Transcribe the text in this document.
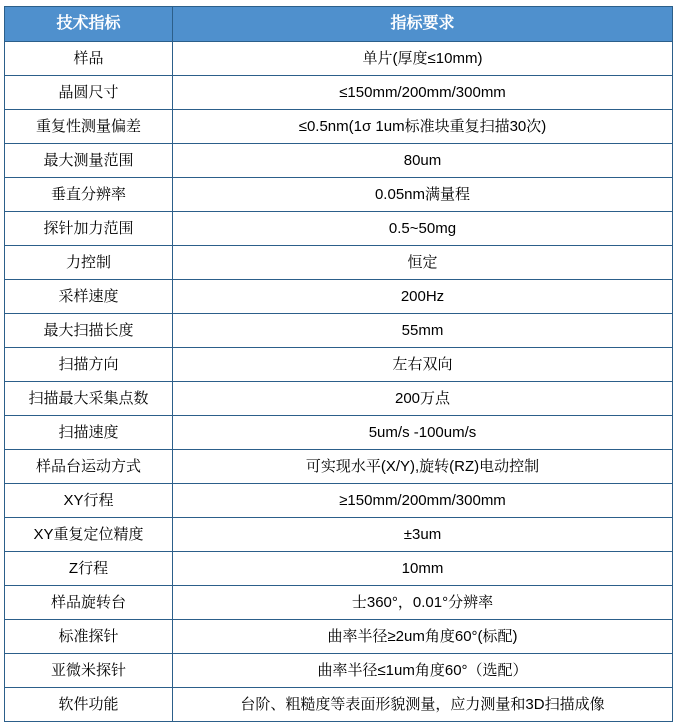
技术指标	指标要求
样品	单片(厚度≤10mm)
晶圆尺寸	≤150mm/200mm/300mm
重复性测量偏差	≤0.5nm(1σ 1um标准块重复扫描30次)
最大测量范围	80um
垂直分辨率	0.05nm满量程
探针加力范围	0.5~50mg
力控制	恒定
采样速度	200Hz
最大扫描长度	55mm
扫描方向	左右双向
扫描最大采集点数	200万点
扫描速度	5um/s -100um/s
样品台运动方式	可实现水平(X/Y),旋转(RZ)电动控制
XY行程	≥150mm/200mm/300mm
XY重复定位精度	±3um
Z行程	10mm
样品旋转台	士360°，0.01°分辨率
标准探针	曲率半径≥2um角度60°(标配)
亚微米探针	曲率半径≤1um角度60°（选配）
软件功能	台阶、粗糙度等表面形貌测量，应力测量和3D扫描成像
